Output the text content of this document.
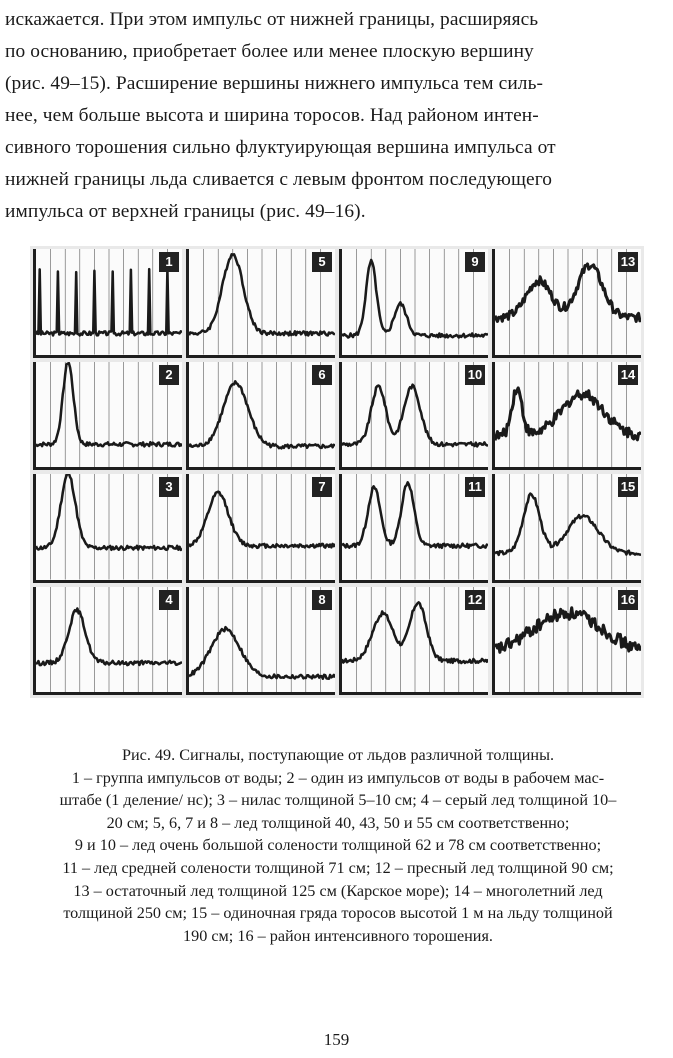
искажается. При этом импульс от нижней границы, расширяясь
по основанию, приобретает более или менее плоскую вершину
(рис. 49–15). Расширение вершины нижнего импульса тем силь-
нее, чем больше высота и ширина торосов. Над районом интен-
сивного торошения сильно флуктуирующая вершина импульса от
нижней границы льда сливается с левым фронтом последующего
импульса от верхней границы (рис. 49–16).
1	5	9	13
2	6	10	14
3	7	11	15
4	8	12	16
Рис. 49. Сигналы, поступающие от льдов различной толщины.
1 – группа импульсов от воды; 2 – один из импульсов от воды в рабочем мас-
штабе (1 деление/ нс); 3 – нилас толщиной 5–10 см; 4 – серый лед толщиной 10–
20 см; 5, 6, 7 и 8 – лед толщиной 40, 43, 50 и 55 см соответственно;
9 и 10 – лед очень большой солености толщиной 62 и 78 см соответственно;
11 – лед средней солености толщиной 71 см; 12 – пресный лед толщиной 90 см;
13 – остаточный лед толщиной 125 см (Карское море); 14 – многолетний лед
толщиной 250 см; 15 – одиночная гряда торосов высотой 1 м на льду толщиной
190 см; 16 – район интенсивного торошения.
159
